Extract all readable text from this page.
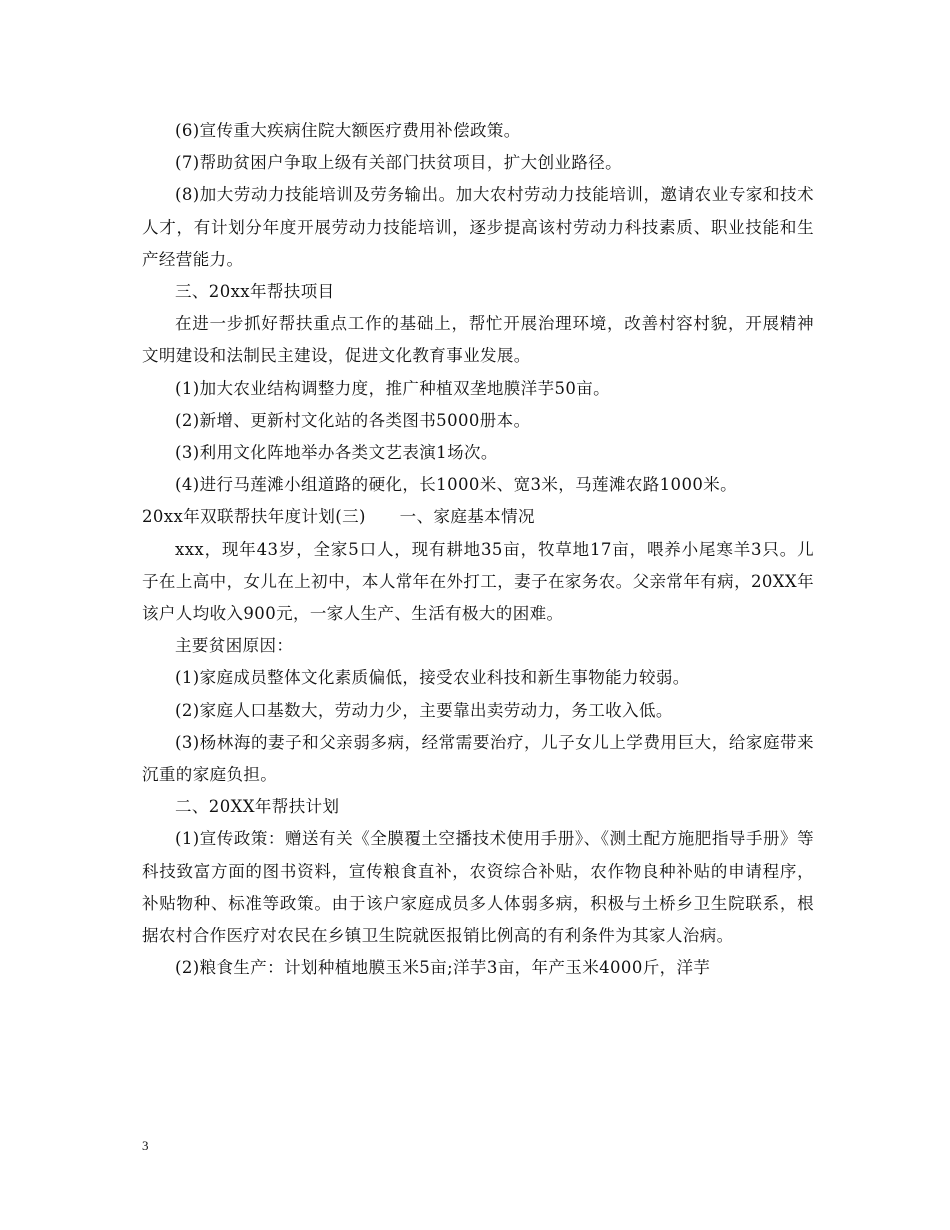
(6)宣传重大疾病住院大额医疗费用补偿政策。

(7)帮助贫困户争取上级有关部门扶贫项目，扩大创业路径。

(8)加大劳动力技能培训及劳务输出。加大农村劳动力技能培训，邀请农业专家和技术人才，有计划分年度开展劳动力技能培训，逐步提高该村劳动力科技素质、职业技能和生产经营能力。

三、20xx年帮扶项目

在进一步抓好帮扶重点工作的基础上，帮忙开展治理环境，改善村容村貌，开展精神文明建设和法制民主建设，促进文化教育事业发展。

(1)加大农业结构调整力度，推广种植双垄地膜洋芋50亩。

(2)新增、更新村文化站的各类图书5000册本。

(3)利用文化阵地举办各类文艺表演1场次。

(4)进行马莲滩小组道路的硬化，长1000米、宽3米，马莲滩农路1000米。

20xx年双联帮扶年度计划(三)　　一、家庭基本情况

xxx，现年43岁，全家5口人，现有耕地35亩，牧草地17亩，喂养小尾寒羊3只。儿子在上高中，女儿在上初中，本人常年在外打工，妻子在家务农。父亲常年有病，20XX年该户人均收入900元，一家人生产、生活有极大的困难。

主要贫困原因：

(1)家庭成员整体文化素质偏低，接受农业科技和新生事物能力较弱。

(2)家庭人口基数大，劳动力少，主要靠出卖劳动力，务工收入低。

(3)杨林海的妻子和父亲弱多病，经常需要治疗，儿子女儿上学费用巨大，给家庭带来沉重的家庭负担。

二、20XX年帮扶计划

(1)宣传政策：赠送有关《全膜覆土空播技术使用手册》、《测土配方施肥指导手册》等科技致富方面的图书资料，宣传粮食直补，农资综合补贴，农作物良种补贴的申请程序，补贴物种、标准等政策。由于该户家庭成员多人体弱多病，积极与土桥乡卫生院联系，根据农村合作医疗对农民在乡镇卫生院就医报销比例高的有利条件为其家人治病。

(2)粮食生产：计划种植地膜玉米5亩;洋芋3亩，年产玉米4000斤，洋芋

3
